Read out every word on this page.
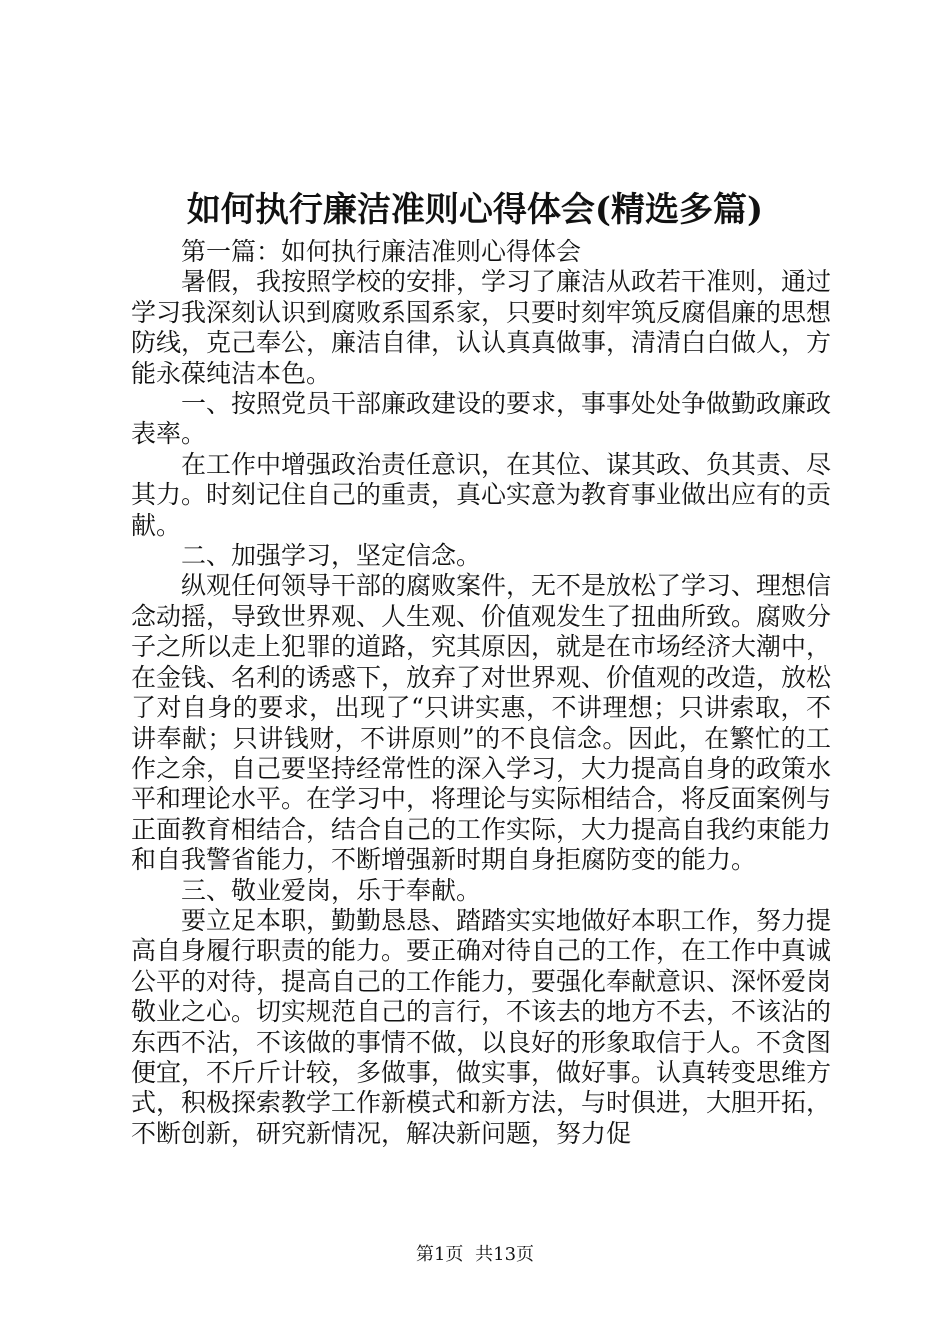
如何执行廉洁准则心得体会(精选多篇)

第一篇：如何执行廉洁准则心得体会

暑假，我按照学校的安排，学习了廉洁从政若干准则，通过学习我深刻认识到腐败系国系家，只要时刻牢筑反腐倡廉的思想防线，克己奉公，廉洁自律，认认真真做事，清清白白做人，方能永葆纯洁本色。

一、按照党员干部廉政建设的要求，事事处处争做勤政廉政表率。

在工作中增强政治责任意识，在其位、谋其政、负其责、尽其力。时刻记住自己的重责，真心实意为教育事业做出应有的贡献。

二、加强学习，坚定信念。

纵观任何领导干部的腐败案件，无不是放松了学习、理想信念动摇，导致世界观、人生观、价值观发生了扭曲所致。腐败分子之所以走上犯罪的道路，究其原因，就是在市场经济大潮中，在金钱、名利的诱惑下，放弃了对世界观、价值观的改造，放松了对自身的要求，出现了“只讲实惠，不讲理想；只讲索取，不讲奉献；只讲钱财，不讲原则”的不良信念。因此，在繁忙的工作之余，自己要坚持经常性的深入学习，大力提高自身的政策水平和理论水平。在学习中，将理论与实际相结合，将反面案例与正面教育相结合，结合自己的工作实际，大力提高自我约束能力和自我警省能力，不断增强新时期自身拒腐防变的能力。

三、敬业爱岗，乐于奉献。

要立足本职，勤勤恳恳、踏踏实实地做好本职工作，努力提高自身履行职责的能力。要正确对待自己的工作，在工作中真诚公平的对待，提高自己的工作能力，要强化奉献意识、深怀爱岗敬业之心。切实规范自己的言行，不该去的地方不去，不该沾的东西不沾，不该做的事情不做，以良好的形象取信于人。不贪图便宜，不斤斤计较，多做事，做实事，做好事。认真转变思维方式，积极探索教学工作新模式和新方法，与时俱进，大胆开拓，不断创新，研究新情况，解决新问题，努力促

第1页 共13页
